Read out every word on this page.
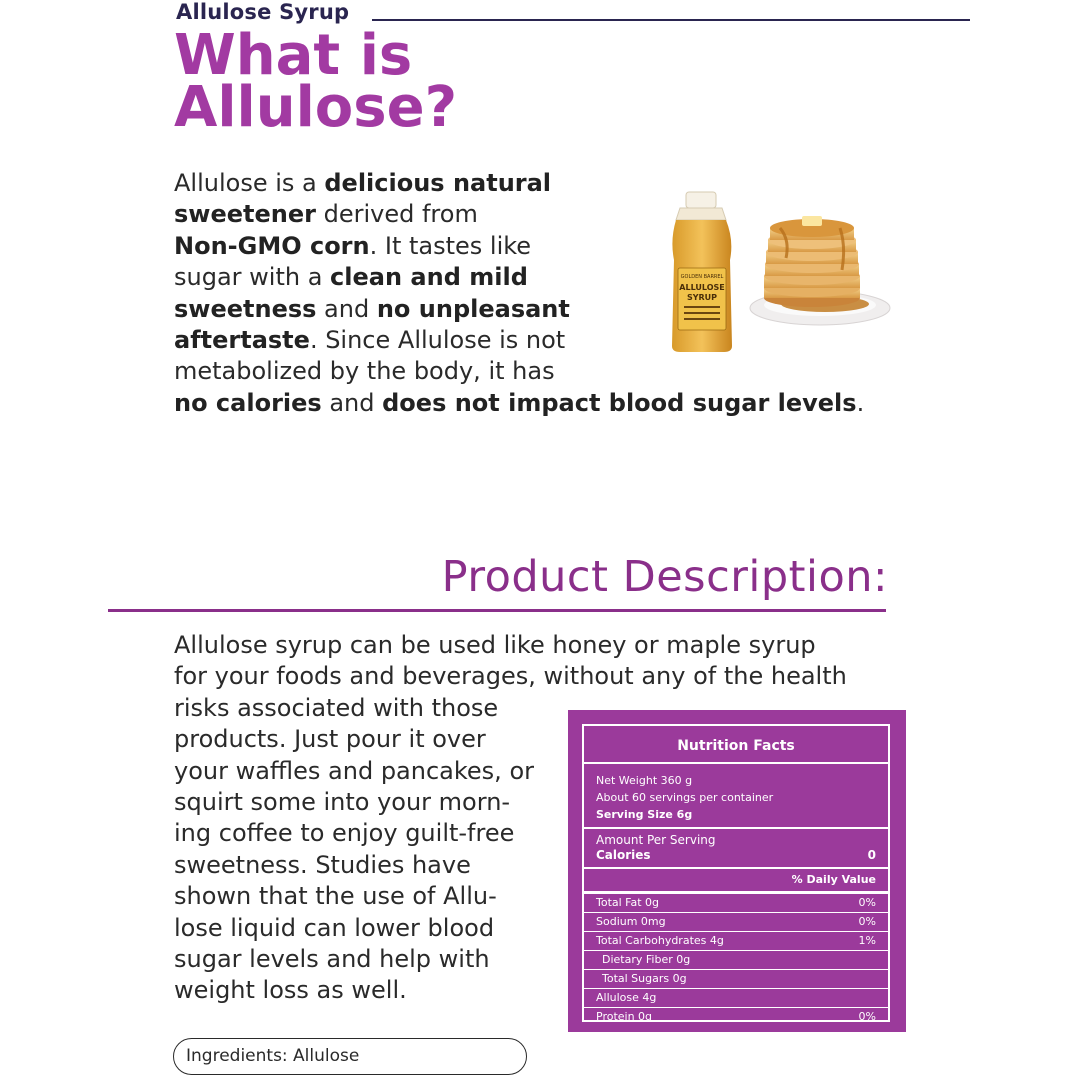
Allulose Syrup
What is
Allulose?
Allulose is a delicious natural
sweetener derived from
Non-GMO corn. It tastes like
sugar with a clean and mild
sweetness and no unpleasant
aftertaste. Since Allulose is not
metabolized by the body, it has
no calories and does not impact blood sugar levels.
GOLDEN BARREL
ALLULOSE
SYRUP
Product Description:
Allulose syrup can be used like honey or maple syrup
for your foods and beverages, without any of the health
risks associated with those
products. Just pour it over
your waffles and pancakes, or
squirt some into your morn-
ing coffee to enjoy guilt-free
sweetness. Studies have
shown that the use of Allu-
lose liquid can lower blood
sugar levels and help with
weight loss as well.
Nutrition Facts
Net Weight 360 g
About 60 servings per container
Serving Size 6g
Amount Per Serving
Calories	0
% Daily Value
Total Fat 0g	0%
Sodium 0mg	0%
Total Carbohydrates 4g	1%
Dietary Fiber 0g
Total Sugars 0g
Allulose 4g
Protein 0g	0%
Ingredients: Allulose
